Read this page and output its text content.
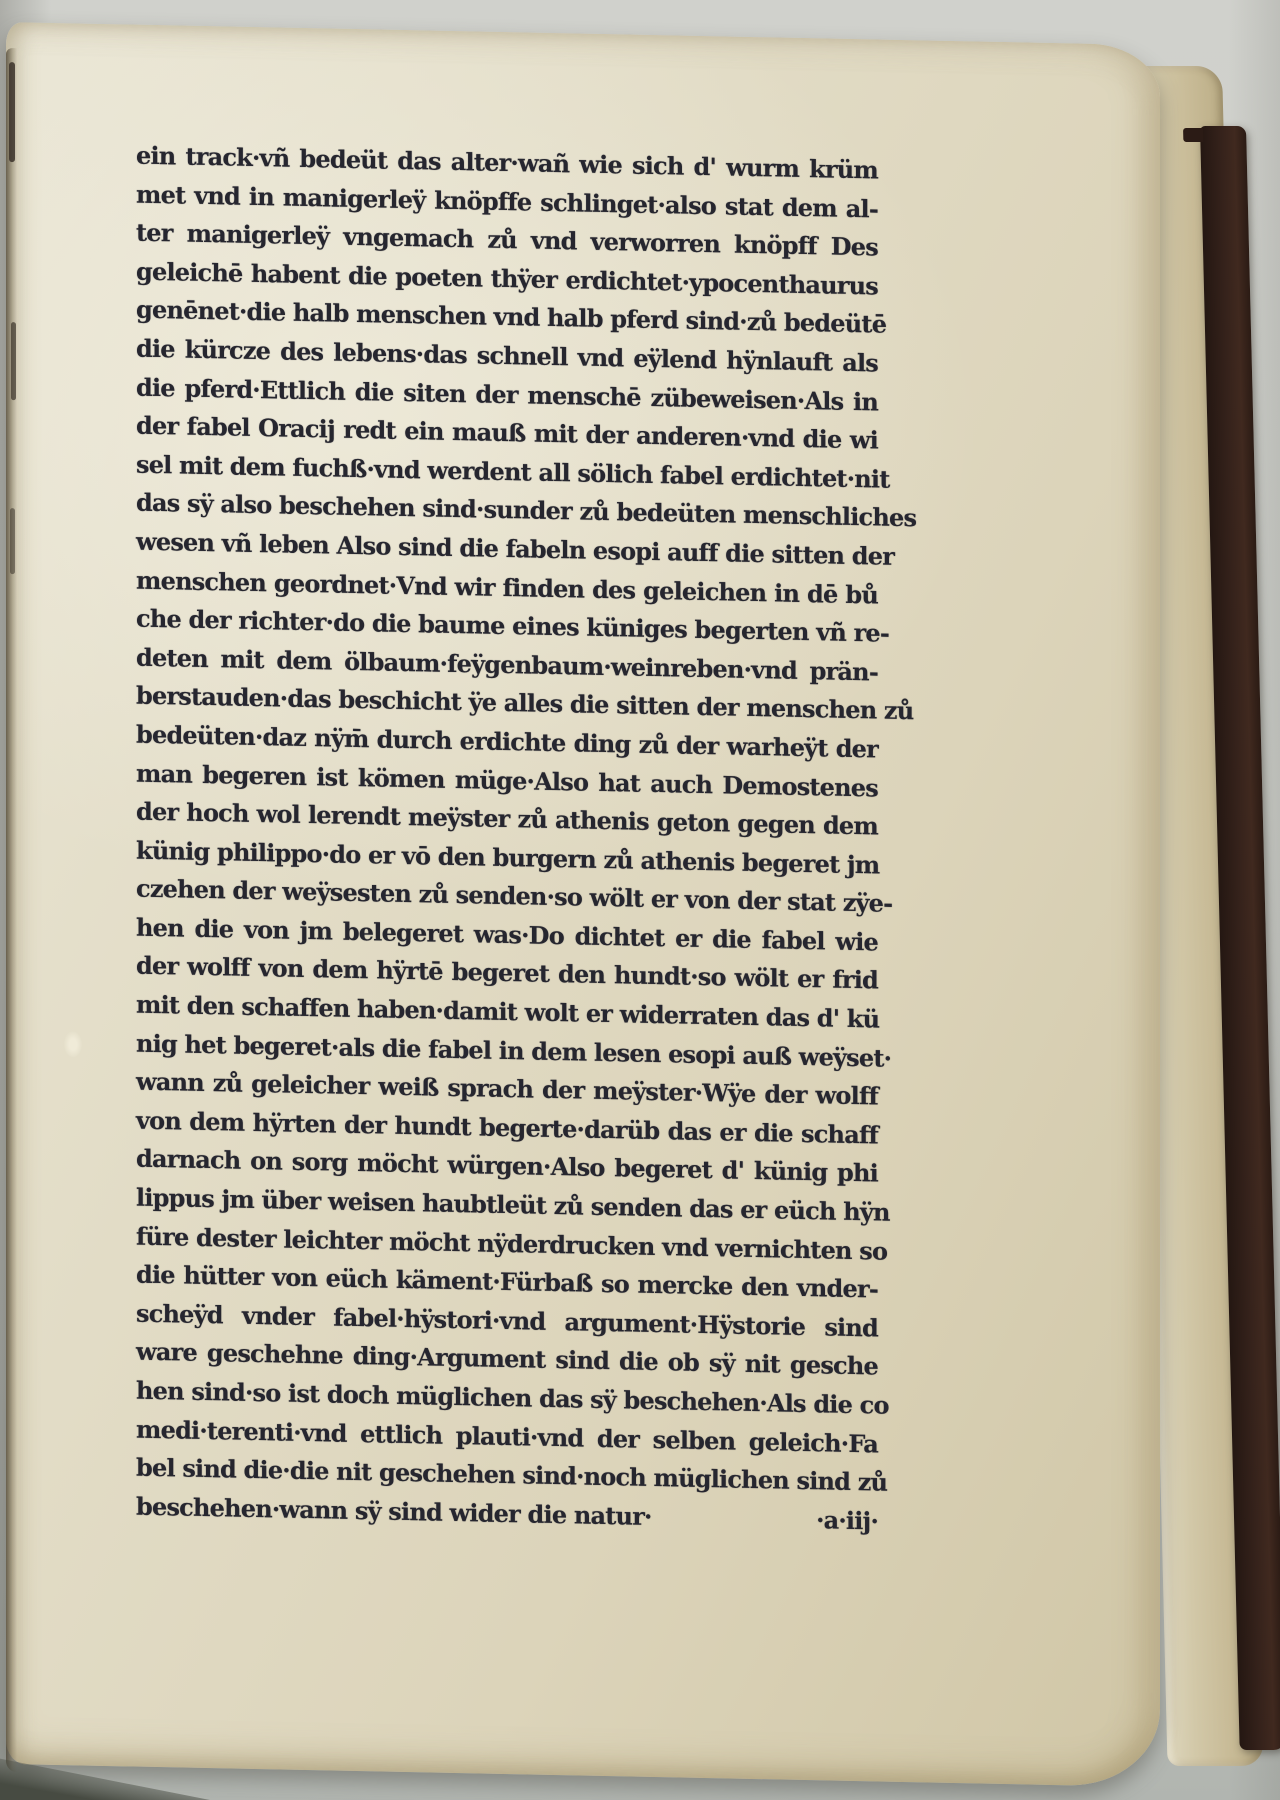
ein track·vñ bedeüt das alter·wañ wie sich d' wurm krüm
met vnd in manigerleÿ knöpffe schlinget·also stat dem al-
ter manigerleÿ vngemach zů vnd verworren knöpff Des
geleichē habent die poeten thÿer erdichtet·ypocenthaurus
genēnet·die halb menschen vnd halb pferd sind·zů bedeütē
die kürcze des lebens·das schnell vnd eÿlend hÿnlauft als
die pferd·Ettlich die siten der menschē zübeweisen·Als in
der fabel Oracij redt ein mauß mit der anderen·vnd die wi
sel mit dem fuchß·vnd werdent all sölich fabel erdichtet·nit
das sÿ also beschehen sind·sunder zů bedeüten menschliches
wesen vñ leben Also sind die fabeln esopi auff die sitten der
menschen geordnet·Vnd wir finden des geleichen in dē bů
che der richter·do die baume eines küniges begerten vñ re-
deten mit dem ölbaum·feÿgenbaum·weinreben·vnd prän-
berstauden·das beschicht ÿe alles die sitten der menschen zů
bedeüten·daz nÿm̄ durch erdichte ding zů der warheÿt der
man begeren ist kömen müge·Also hat auch Demostenes
der hoch wol lerendt meÿster zů athenis geton gegen dem
künig philippo·do er vō den burgern zů athenis begeret jm
czehen der weÿsesten zů senden·so wölt er von der stat zÿe-
hen die von jm belegeret was·Do dichtet er die fabel wie
der wolff von dem hÿrtē begeret den hundt·so wölt er frid
mit den schaffen haben·damit wolt er widerraten das d' kü
nig het begeret·als die fabel in dem lesen esopi auß weÿset·
wann zů geleicher weiß sprach der meÿster·Wÿe der wolff
von dem hÿrten der hundt begerte·darüb das er die schaff
darnach on sorg möcht würgen·Also begeret d' künig phi
lippus jm über weisen haubtleüt zů senden das er eüch hÿn
füre dester leichter möcht nÿderdrucken vnd vernichten so
die hütter von eüch käment·Fürbaß so mercke den vnder-
scheÿd vnder fabel·hÿstori·vnd argument·Hÿstorie sind
ware geschehne ding·Argument sind die ob sÿ nit gesche
hen sind·so ist doch müglichen das sÿ beschehen·Als die co
medi·terenti·vnd ettlich plauti·vnd der selben geleich·Fa
bel sind die·die nit geschehen sind·noch müglichen sind zů
beschehen·wann sÿ sind wider die natur·	·a·iij·
